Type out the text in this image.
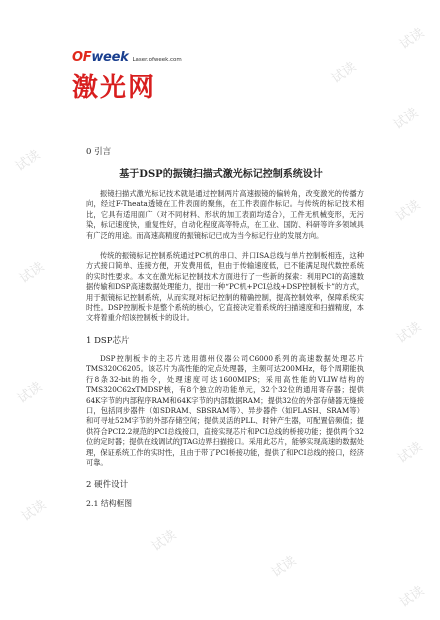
试读
试读
试读
试读
试读
试读
试读
试读
试读
试读
试读
试读
试读
OFweek Laser.ofweek.com
激光网

0 引言

基于DSP的振镜扫描式激光标记控制系统设计

振镜扫描式激光标记技术就是通过控制两片高速振镜的偏转角，改变激光的传播方向，经过F-Theata透镜在工件表面的聚焦，在工件表面作标记。与传统的标记技术相比，它具有适用面广（对不同材料、形状的加工表面均适合），工件无机械变形，无污染，标记速度快，重复性好，自动化程度高等特点，在工业、国防、科研等许多领域具有广泛的用途。而高速高精度的振镜标记已成为当今标记行业的发展方向。

传统的振镜标记控制系统通过PC机的串口、并口ISA总线与单片控制板相连，这种方式接口简单、连接方便，开发费用低，但由于传输速度低，已不能满足现代数控系统的实时性要求。本文在激光标记控制技术方面进行了一些新的探索：利用PCI的高速数据传输和DSP高速数据处理能力，提出一种“PC机+PCI总线+DSP控制板卡”的方式，用于振镜标记控制系统，从而实现对标记控制的精确控制，提高控制效率，保障系统实时性。DSP控制板卡是整个系统的核心，它直接决定着系统的扫描速度和扫描精度，本文将着重介绍该控制板卡的设计。

1 DSP芯片

DSP控制板卡的主芯片选用德州仪器公司C6000系列的高速数据处理芯片TMS320C6205。该芯片为高性能的定点处理器，主频可达200MHz，每个周期能执行8条32-bit的指令，处理速度可达1600MIPS；采用高性能的VLIW结构的TMS320C62xTMDSP核，有8个独立的功能单元，32个32位的通用寄存器；提供64K字节的内部程序RAM和64K字节的内部数据RAM；提供32位的外部存储器无缝接口，包括同步器件（如SDRAM、SBSRAM等）、异步器件（如FLASH、SRAM等）和可寻址52M字节的外部存储空间；提供灵活的PLL、时钟产生器，可配置倍频值；提供符合PCI2.2规范的PCI总线接口，直接实现芯片和PCI总线的桥接功能；提供两个32位的定时器；提供在线调试的JTAG边界扫描接口。采用此芯片，能够实现高速的数据处理，保证系统工作的实时性，且由于带了PCI桥接功能，提供了和PCI总线的接口，经济可靠。

2 硬件设计

2.1 结构框图
